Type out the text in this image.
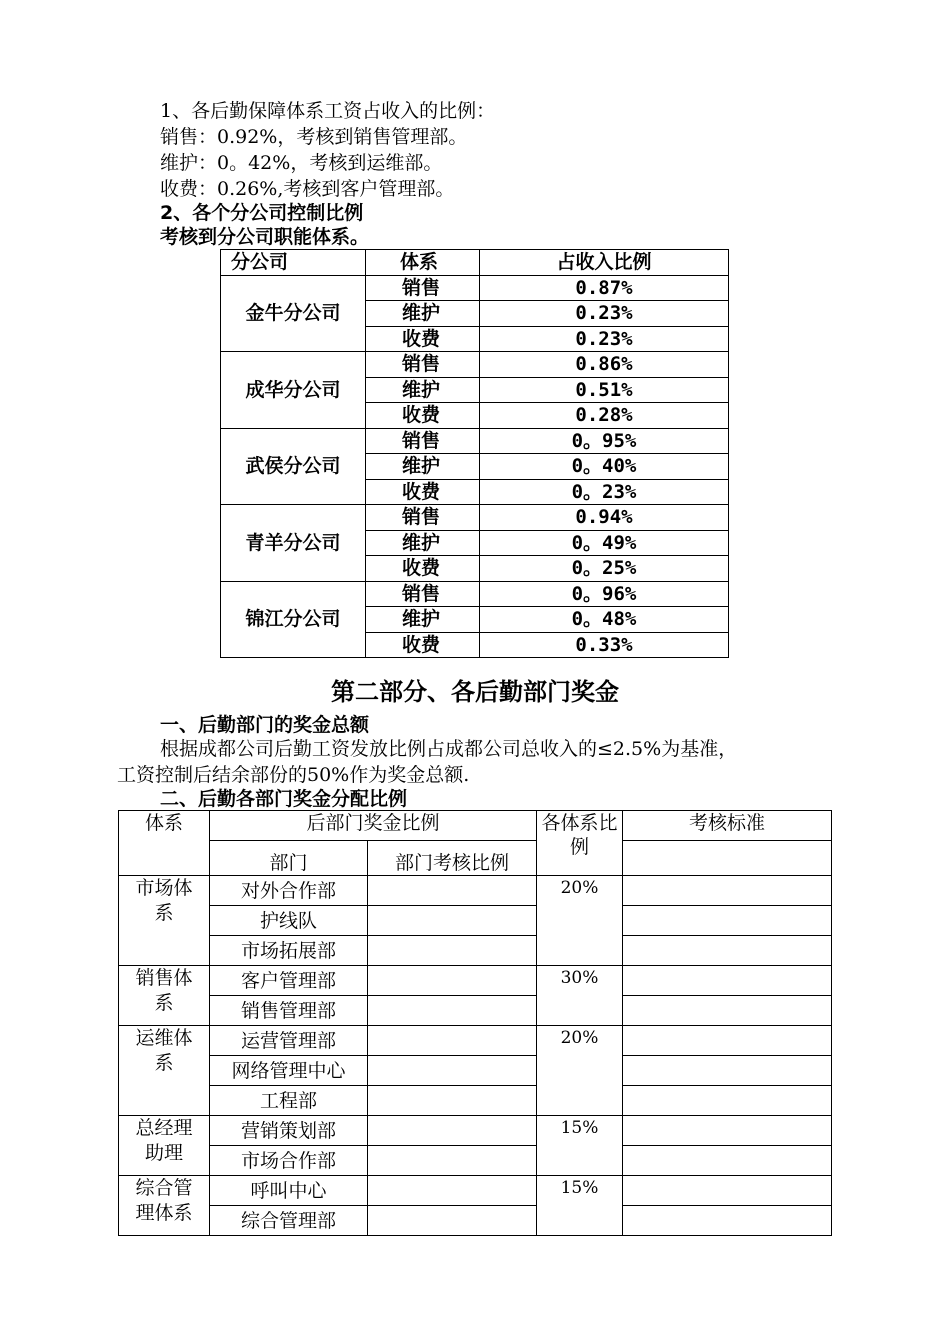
1、各后勤保障体系工资占收入的比例：
销售：0.92%，考核到销售管理部。
维护：0。42%，考核到运维部。
收费：0.26%,考核到客户管理部。
2、各个分公司控制比例
考核到分公司职能体系。
分公司	体系	占收入比例
金牛分公司	销售	0.87%
	维护	0.23%
	收费	0.23%
成华分公司	销售	0.86%
	维护	0.51%
	收费	0.28%
武侯分公司	销售	0。95%
	维护	0。40%
	收费	0。23%
青羊分公司	销售	0.94%
	维护	0。49%
	收费	0。25%
锦江分公司	销售	0。96%
	维护	0。48%
	收费	0.33%
第二部分、各后勤部门奖金
一、后勤部门的奖金总额
根据成都公司后勤工资发放比例占成都公司总收入的≤2.5%为基准，
工资控制后结余部份的50%作为奖金总额.
二、后勤各部门奖金分配比例
体系	后部门奖金比例		各体系比例	考核标准
	部门	部门考核比例		

市场体系	对外合作部		20%	
	护线队			
	市场拓展部			

销售体系	客户管理部		30%	
	销售管理部			

运维体系	运营管理部		20%	
	网络管理中心			
	工程部			

总经理助理	营销策划部		15%	
	市场合作部			

综合管理体系	呼叫中心		15%	
	综合管理部			
